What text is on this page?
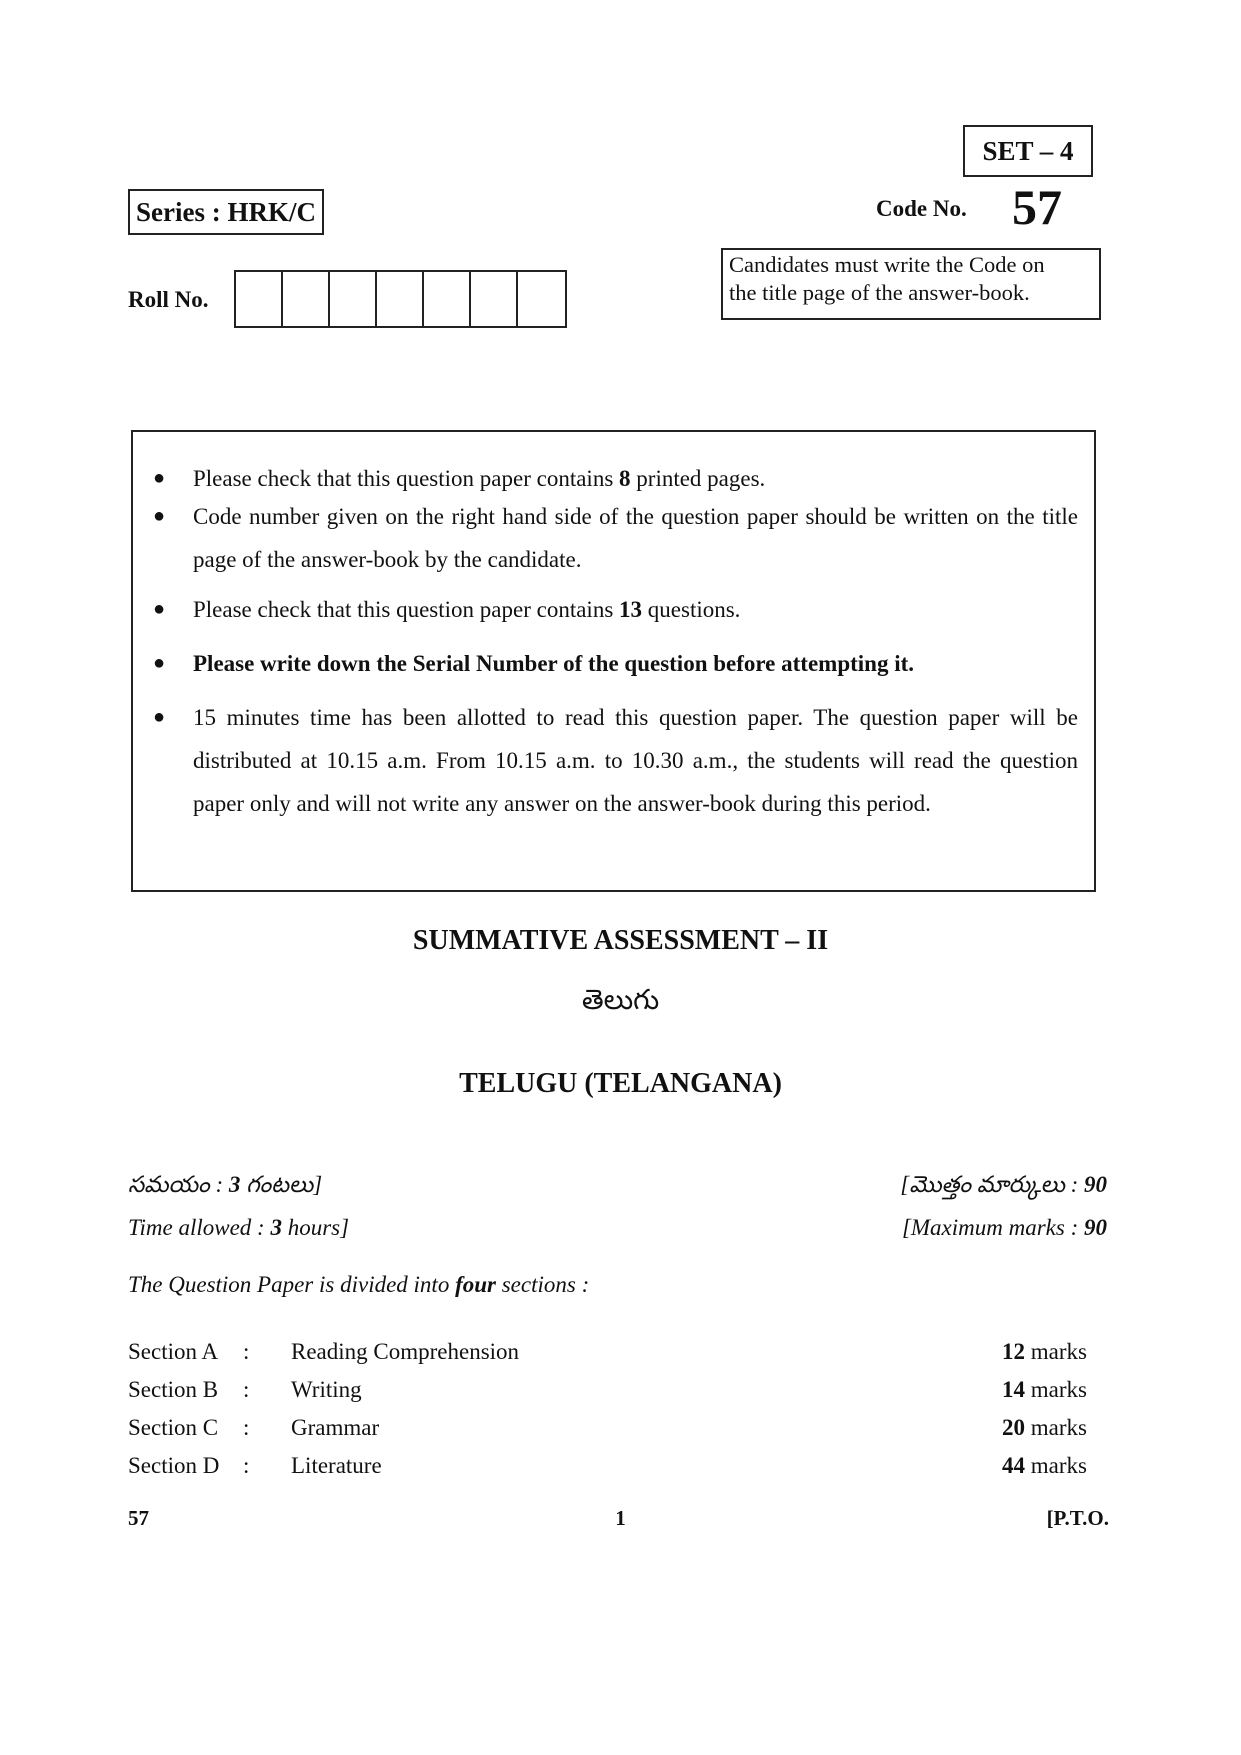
SET – 4
Series : HRK/C	Code No. 57
Roll No.
Candidates must write the Code on
the title page of the answer-book.
● Please check that this question paper contains 8 printed pages.
● Code number given on the right hand side of the question paper should be written on the title page of the answer-book by the candidate.
● Please check that this question paper contains 13 questions.
● Please write down the Serial Number of the question before attempting it.
● 15 minutes time has been allotted to read this question paper. The question paper will be distributed at 10.15 a.m. From 10.15 a.m. to 10.30 a.m., the students will read the question paper only and will not write any answer on the answer-book during this period.
SUMMATIVE ASSESSMENT – II
తెలుగు
TELUGU (TELANGANA)
సమయం : 3 గంటలు]	[మొత్తం మార్కులు : 90
Time allowed : 3 hours]	[Maximum marks : 90
The Question Paper is divided into four sections :
Section A : Reading Comprehension	12 marks
Section B : Writing	14 marks
Section C : Grammar	20 marks
Section D : Literature	44 marks
57	1	[P.T.O.
